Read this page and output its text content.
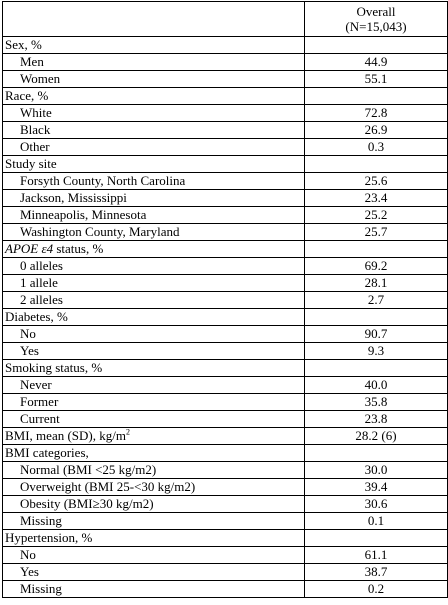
	Overall
(N=15,043)
Sex, %	
Men	44.9
Women	55.1
Race, %	
White	72.8
Black	26.9
Other	0.3
Study site	
Forsyth County, North Carolina	25.6
Jackson, Mississippi	23.4
Minneapolis, Minnesota	25.2
Washington County, Maryland	25.7
APOE ε4 status, %	
0 alleles	69.2
1 allele	28.1
2 alleles	2.7
Diabetes, %	
No	90.7
Yes	9.3
Smoking status, %	
Never	40.0
Former	35.8
Current	23.8
BMI, mean (SD), $kg/m^2$	28.2 (6)
BMI categories,	
Normal (BMI <25 kg/m2)	30.0
Overweight (BMI 25-<30 kg/m2)	39.4
Obesity (BMI≥30 kg/m2)	30.6
Missing	0.1
Hypertension, %	
No	61.1
Yes	38.7
Missing	0.2
